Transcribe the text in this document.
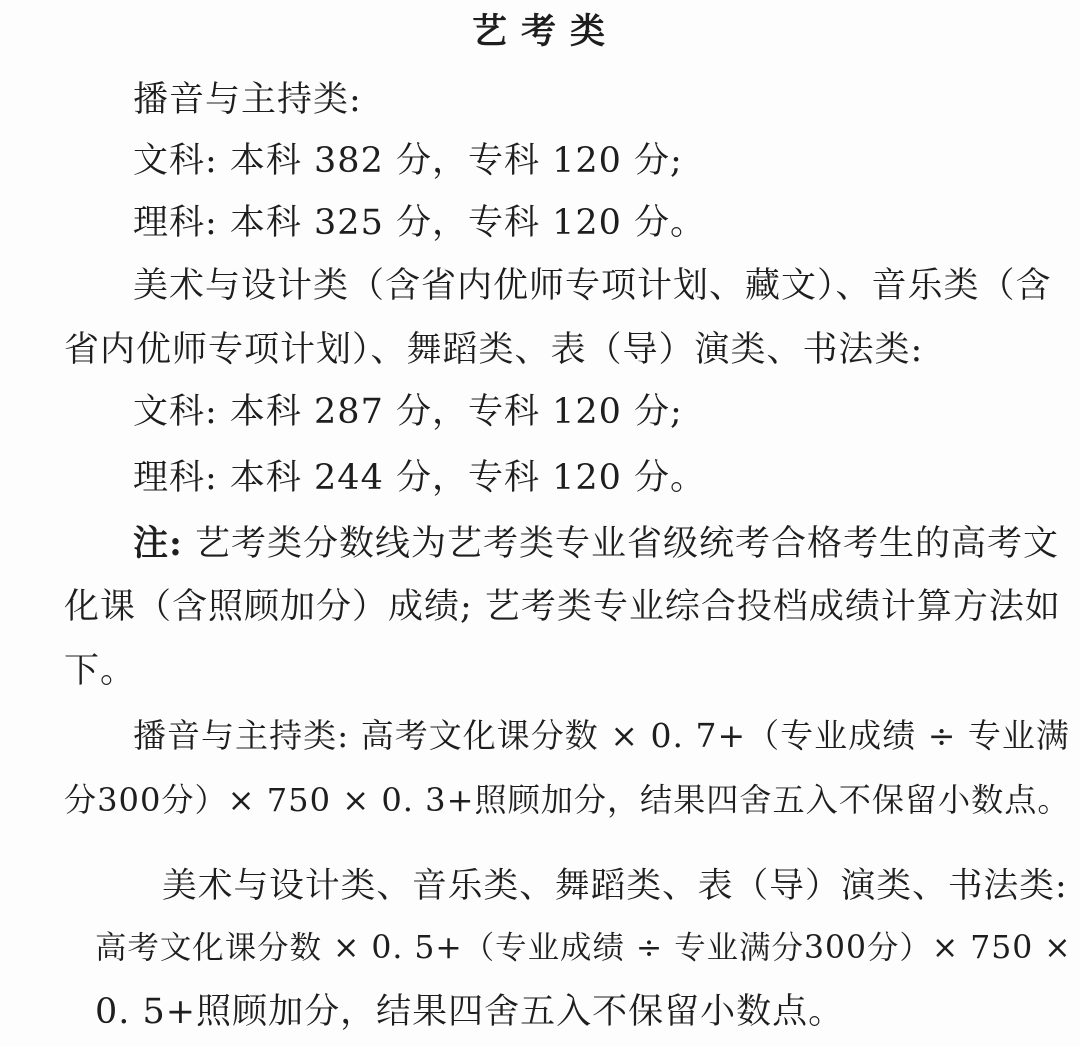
艺考类
播音与主持类:
文科: 本科 382 分，专科 120 分;
理科: 本科 325 分，专科 120 分。
美术与设计类（含省内优师专项计划、藏文）、音乐类（含
省内优师专项计划）、舞蹈类、表（导）演类、书法类:
文科: 本科 287 分，专科 120 分;
理科: 本科 244 分，专科 120 分。
注: 艺考类分数线为艺考类专业省级统考合格考生的高考文
化课（含照顾加分）成绩; 艺考类专业综合投档成绩计算方法如
下。
播音与主持类: 高考文化课分数 × 0. 7+（专业成绩 ÷ 专业满
分300分）× 750 × 0. 3+照顾加分，结果四舍五入不保留小数点。
美术与设计类、音乐类、舞蹈类、表（导）演类、书法类:
高考文化课分数 × 0. 5+（专业成绩 ÷ 专业满分300分）× 750 ×
0. 5+照顾加分，结果四舍五入不保留小数点。
